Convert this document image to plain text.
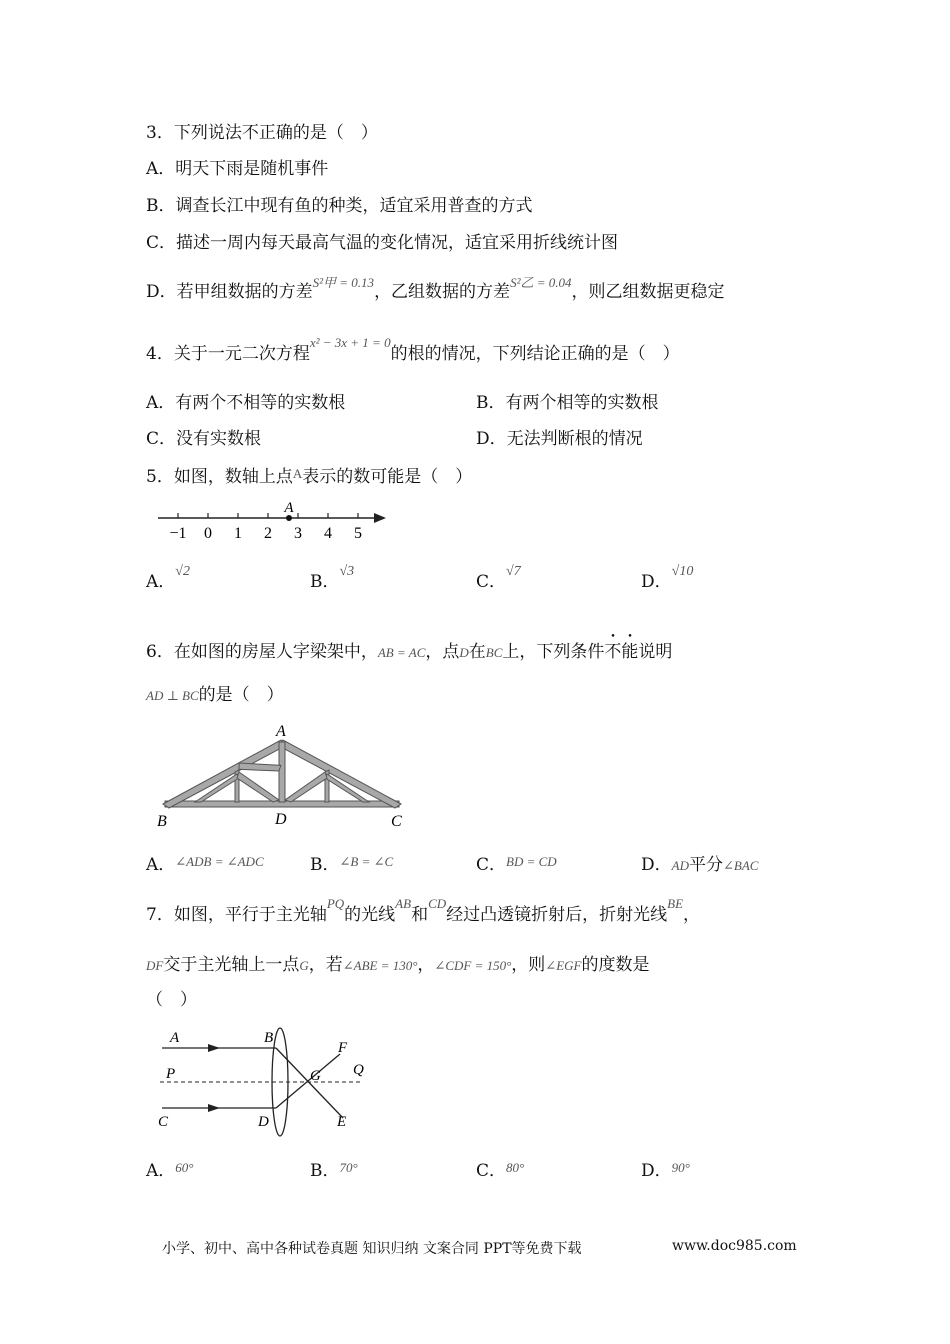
3．下列说法不正确的是（　）
A．明天下雨是随机事件
B．调查长江中现有鱼的种类，适宜采用普查的方式
C．描述一周内每天最高气温的变化情况，适宜采用折线统计图
D．若甲组数据的方差$^{S^2甲 = 0.13}$，乙组数据的方差$^{S^2乙 = 0.04}$，则乙组数据更稳定
4．关于一元二次方程$^{x^2 - 3x + 1 = 0}$的根的情况，下列结论正确的是（　）
A．有两个不相等的实数根	B．有两个相等的实数根
C．没有实数根	D．无法判断根的情况
5．如图，数轴上点$^A$表示的数可能是（　）
−1 0 1 2 3 4 5
A
A．$^{√2}$
B．$^{√3}$
C．$^{√7}$
D．$^{√10}$
6．在如图的房屋人字梁架中，AB = AC，点D在BC上，下列条件不能说明
AD ⊥ BC的是（　）
A
B	D	C
A．$^{\angle ADB = \angle ADC}$	B．$^{\angle B = \angle C}$	C．$^{BD = CD}$	D．AD平分∠BAC
7．如图，平行于主光轴$^{PQ}$的光线$^{AB}$和$^{CD}$经过凸透镜折射后，折射光线$^{BE}$，
DF交于主光轴上一点G，若∠ABE = 130°，∠CDF = 150°，则∠EGF的度数是
（　）
A	B
P	G
F
Q
C	D	E
A．$^{60^\circ}$	B．$^{70^\circ}$	C．$^{80^\circ}$	D．$^{90^\circ}$
小学、初中、高中各种试卷真题 知识归纳 文案合同 PPT等免费下载	www.doc985.com
